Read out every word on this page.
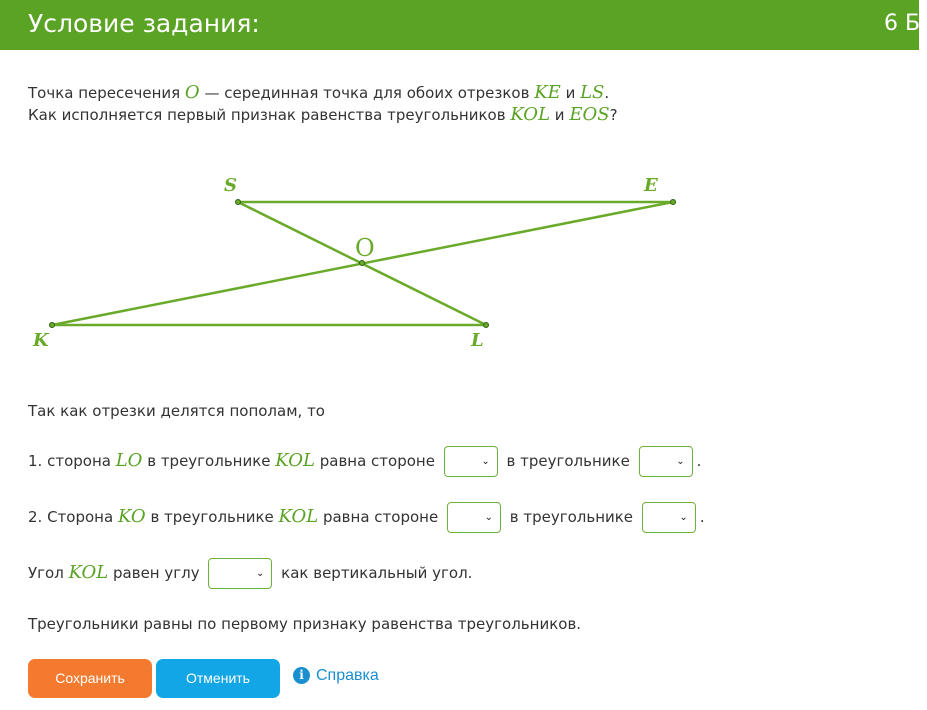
Условие задания:	6 Б.
Точка пересечения O — серединная точка для обоих отрезков KE и LS.
Как исполняется первый признак равенства треугольников KOL и EOS?
S	E
O
K	L
Так как отрезки делятся пополам, то
1. сторона LO в треугольнике KOL равна стороне	⌄ в треугольнике	⌄ .
2. Сторона KO в треугольнике KOL равна стороне	⌄ в треугольнике	⌄ .
Угол KOL равен углу	⌄ как вертикальный угол.
Треугольники равны по первому признаку равенства треугольников.
Сохранить	Отменить	i Справка
